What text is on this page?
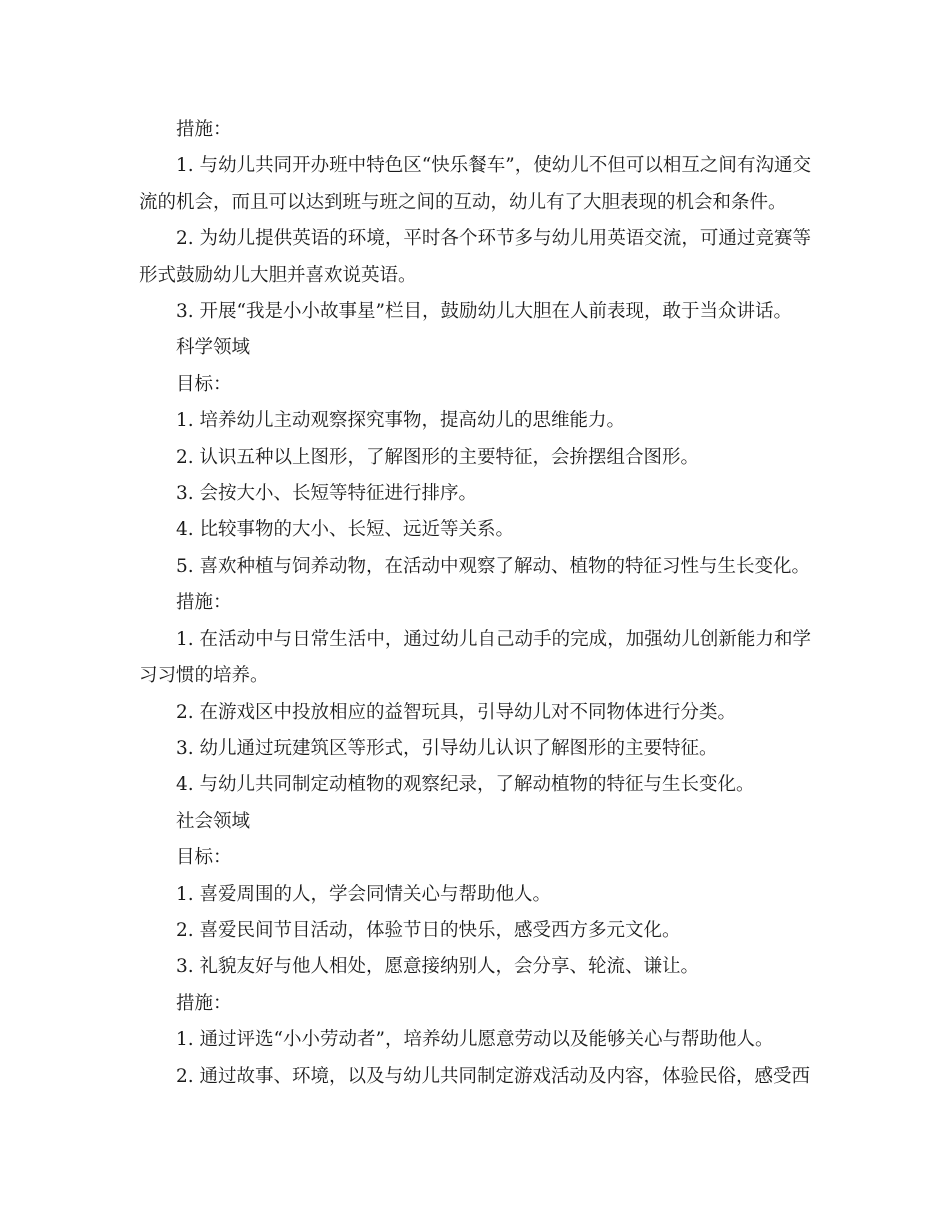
措施：

1. 与幼儿共同开办班中特色区“快乐餐车”，使幼儿不但可以相互之间有沟通交流的机会，而且可以达到班与班之间的互动，幼儿有了大胆表现的机会和条件。

2. 为幼儿提供英语的环境，平时各个环节多与幼儿用英语交流，可通过竞赛等形式鼓励幼儿大胆并喜欢说英语。

3. 开展“我是小小故事星”栏目，鼓励幼儿大胆在人前表现，敢于当众讲话。

科学领域

目标：

1. 培养幼儿主动观察探究事物，提高幼儿的思维能力。

2. 认识五种以上图形，了解图形的主要特征，会拚摆组合图形。

3. 会按大小、长短等特征进行排序。

4. 比较事物的大小、长短、远近等关系。

5. 喜欢种植与饲养动物，在活动中观察了解动、植物的特征习性与生长变化。

措施：

1. 在活动中与日常生活中，通过幼儿自己动手的完成，加强幼儿创新能力和学习习惯的培养。

2. 在游戏区中投放相应的益智玩具，引导幼儿对不同物体进行分类。

3. 幼儿通过玩建筑区等形式，引导幼儿认识了解图形的主要特征。

4. 与幼儿共同制定动植物的观察纪录，了解动植物的特征与生长变化。

社会领域

目标：

1. 喜爱周围的人，学会同情关心与帮助他人。

2. 喜爱民间节目活动，体验节日的快乐，感受西方多元文化。

3. 礼貌友好与他人相处，愿意接纳别人，会分享、轮流、谦让。

措施：

1. 通过评选“小小劳动者”，培养幼儿愿意劳动以及能够关心与帮助他人。

2. 通过故事、环境，以及与幼儿共同制定游戏活动及内容，体验民俗，感受西
